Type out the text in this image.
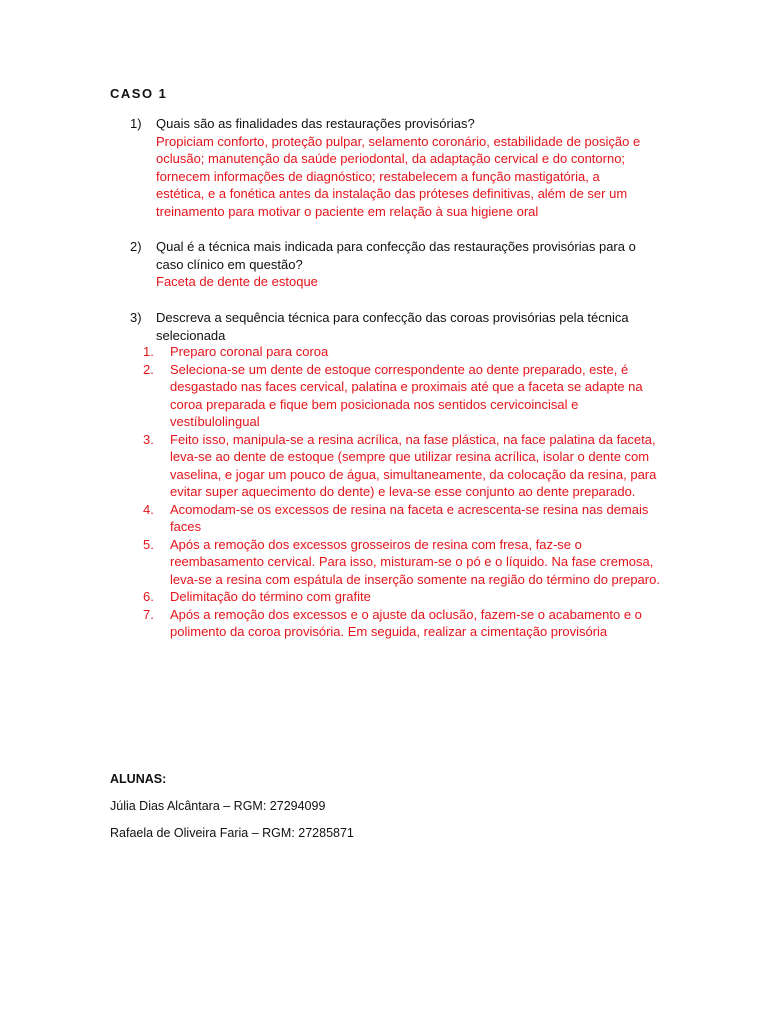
CASO 1
1) Quais são as finalidades das restaurações provisórias?
Propiciam conforto, proteção pulpar, selamento coronário, estabilidade de posição e oclusão; manutenção da saúde periodontal, da adaptação cervical e do contorno; fornecem informações de diagnóstico; restabelecem a função mastigatória, a estética, e a fonética antes da instalação das próteses definitivas, além de ser um treinamento para motivar o paciente em relação à sua higiene oral
2) Qual é a técnica mais indicada para confecção das restaurações provisórias para o caso clínico em questão?
Faceta de dente de estoque
3) Descreva a sequência técnica para confecção das coroas provisórias pela técnica selecionada
1. Preparo coronal para coroa
2. Seleciona-se um dente de estoque correspondente ao dente preparado, este, é desgastado nas faces cervical, palatina e proximais até que a faceta se adapte na coroa preparada e fique bem posicionada nos sentidos cervicoincisal e vestíbulolingual
3. Feito isso, manipula-se a resina acrílica, na fase plástica, na face palatina da faceta, leva-se ao dente de estoque (sempre que utilizar resina acrílica, isolar o dente com vaselina, e jogar um pouco de água, simultaneamente, da colocação da resina, para evitar super aquecimento do dente) e leva-se esse conjunto ao dente preparado.
4. Acomodam-se os excessos de resina na faceta e acrescenta-se resina nas demais faces
5. Após a remoção dos excessos grosseiros de resina com fresa, faz-se o reembasamento cervical. Para isso, misturam-se o pó e o líquido. Na fase cremosa, leva-se a resina com espátula de inserção somente na região do término do preparo.
6. Delimitação do término com grafite
7. Após a remoção dos excessos e o ajuste da oclusão, fazem-se o acabamento e o polimento da coroa provisória. Em seguida, realizar a cimentação provisória
ALUNAS:
Júlia Dias Alcântara – RGM: 27294099
Rafaela de Oliveira Faria – RGM: 27285871
